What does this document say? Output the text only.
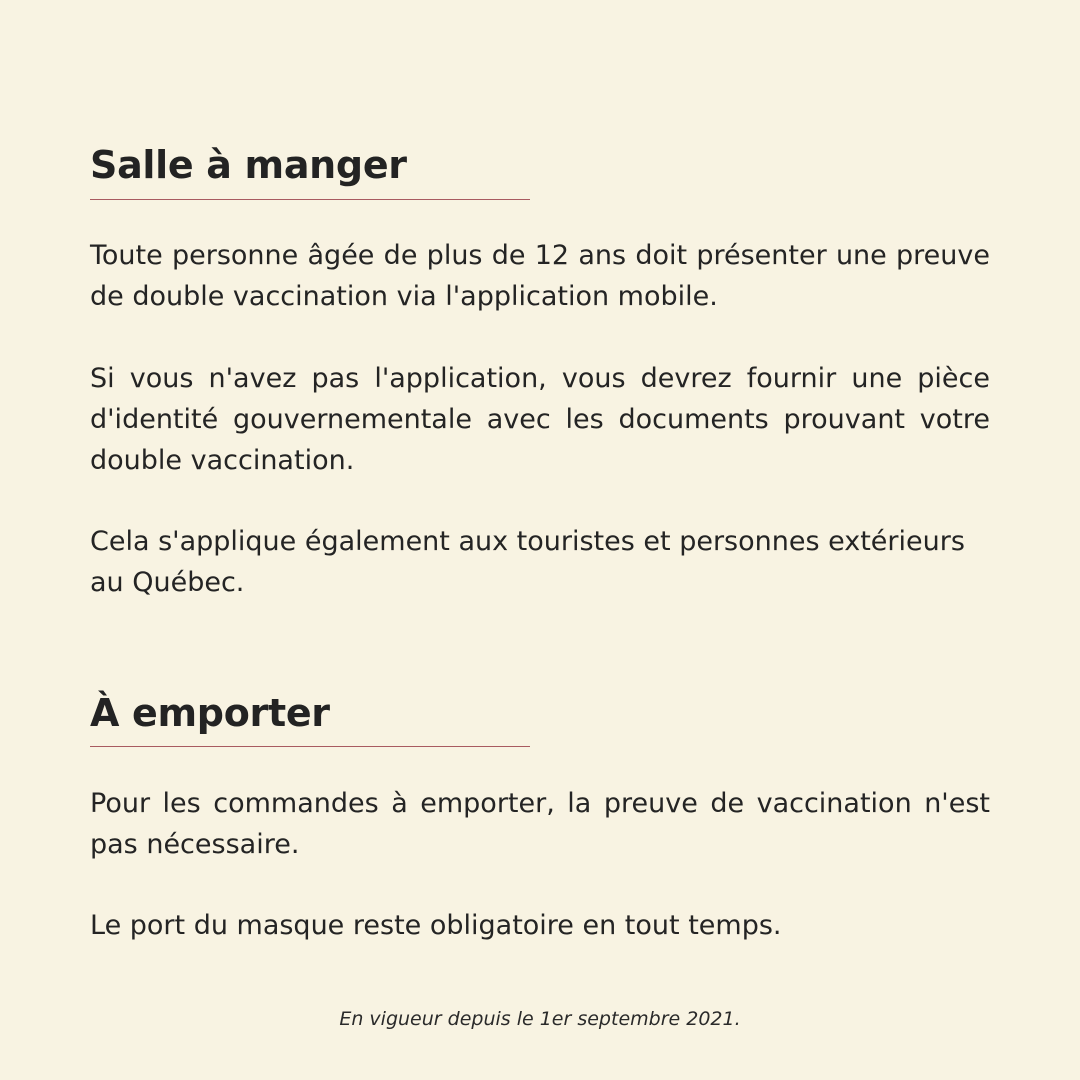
Salle à manger

Toute personne âgée de plus de 12 ans doit présenter une preuve de double vaccination via l'application mobile.

Si vous n'avez pas l'application, vous devrez fournir une pièce d'identité gouvernementale avec les documents prouvant votre double vaccination.

Cela s'applique également aux touristes et personnes extérieurs au Québec.

À emporter

Pour les commandes à emporter, la preuve de vaccination n'est pas nécessaire.

Le port du masque reste obligatoire en tout temps.

En vigueur depuis le 1er septembre 2021.
